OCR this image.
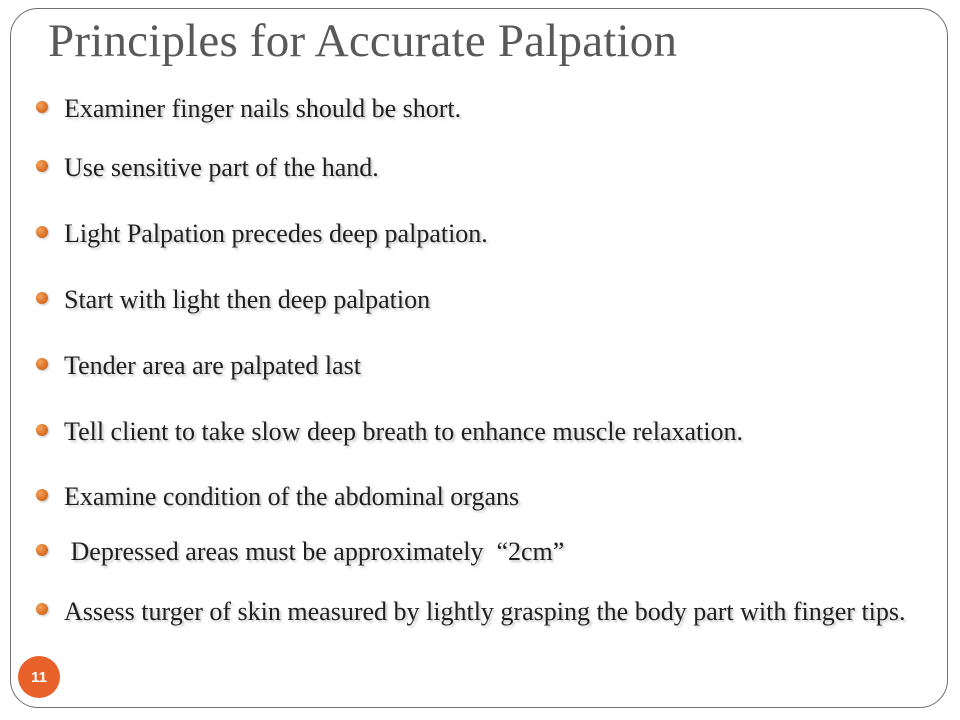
Principles for Accurate Palpation
Examiner finger nails should be short.
Use sensitive part of the hand.
Light Palpation precedes deep palpation.
Start with light then deep palpation
Tender area are palpated last
Tell client to take slow deep breath to enhance muscle relaxation.
Examine condition of the abdominal organs
Depressed areas must be approximately  “2cm”
Assess turger of skin measured by lightly grasping the body part with finger tips.
11
